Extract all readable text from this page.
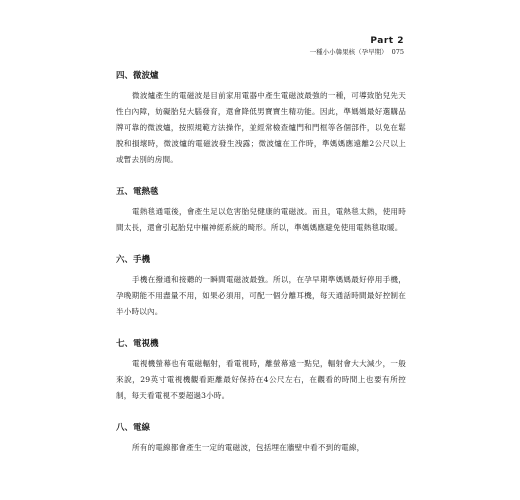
Part 2
一種小小韓果核（孕早期） 075
四、微波爐

微波爐產生的電磁波是目前家用電器中產生電磁波最強的一種，可導致胎兒先天性白內障，妨礙胎兒大腦發育，還會降低男寶寶生精功能。因此，準媽媽最好選購品牌可靠的微波爐，按照規範方法操作，並經常檢查爐門和門框等各個部件，以免在鬆脫和損壞時，微波爐的電磁波發生洩露；微波爐在工作時，準媽媽應遠離2公尺以上或暫去別的房間。

五、電熱毯

電熱毯通電後，會產生足以危害胎兒健康的電磁波。而且，電熱毯太熱，使用時間太長，還會引起胎兒中樞神經系統的畸形。所以，準媽媽應避免使用電熱毯取暖。

六、手機

手機在撥通和接聽的一瞬間電磁波最強。所以，在孕早期準媽媽最好停用手機，孕晚期能不用盡量不用，如果必須用，可配一個分離耳機，每天通話時間最好控制在半小時以內。

七、電視機

電視機螢幕也有電磁輻射，看電視時，離螢幕遠一點兒，輻射會大大減少，一般來說，29英寸電視機觀看距離最好保持在4公尺左右，在觀看的時間上也要有所控制，每天看電視不要超過3小時。

八、電線

所有的電線都會產生一定的電磁波，包括埋在牆壁中看不到的電線，
